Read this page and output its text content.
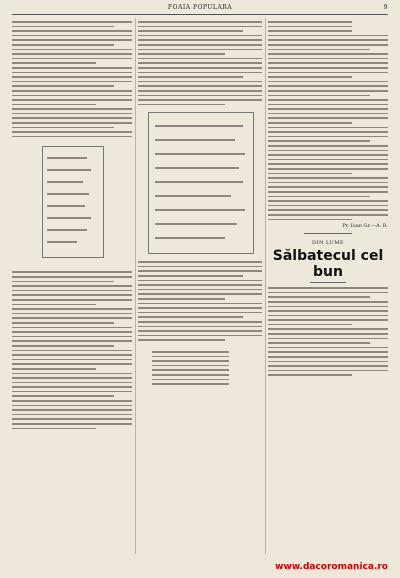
FOAIA POPULARA	9
Pr. Ioan Gr.—A. B.
DIN LUME
Sălbatecul cel bun
www.dacoromanica.ro
